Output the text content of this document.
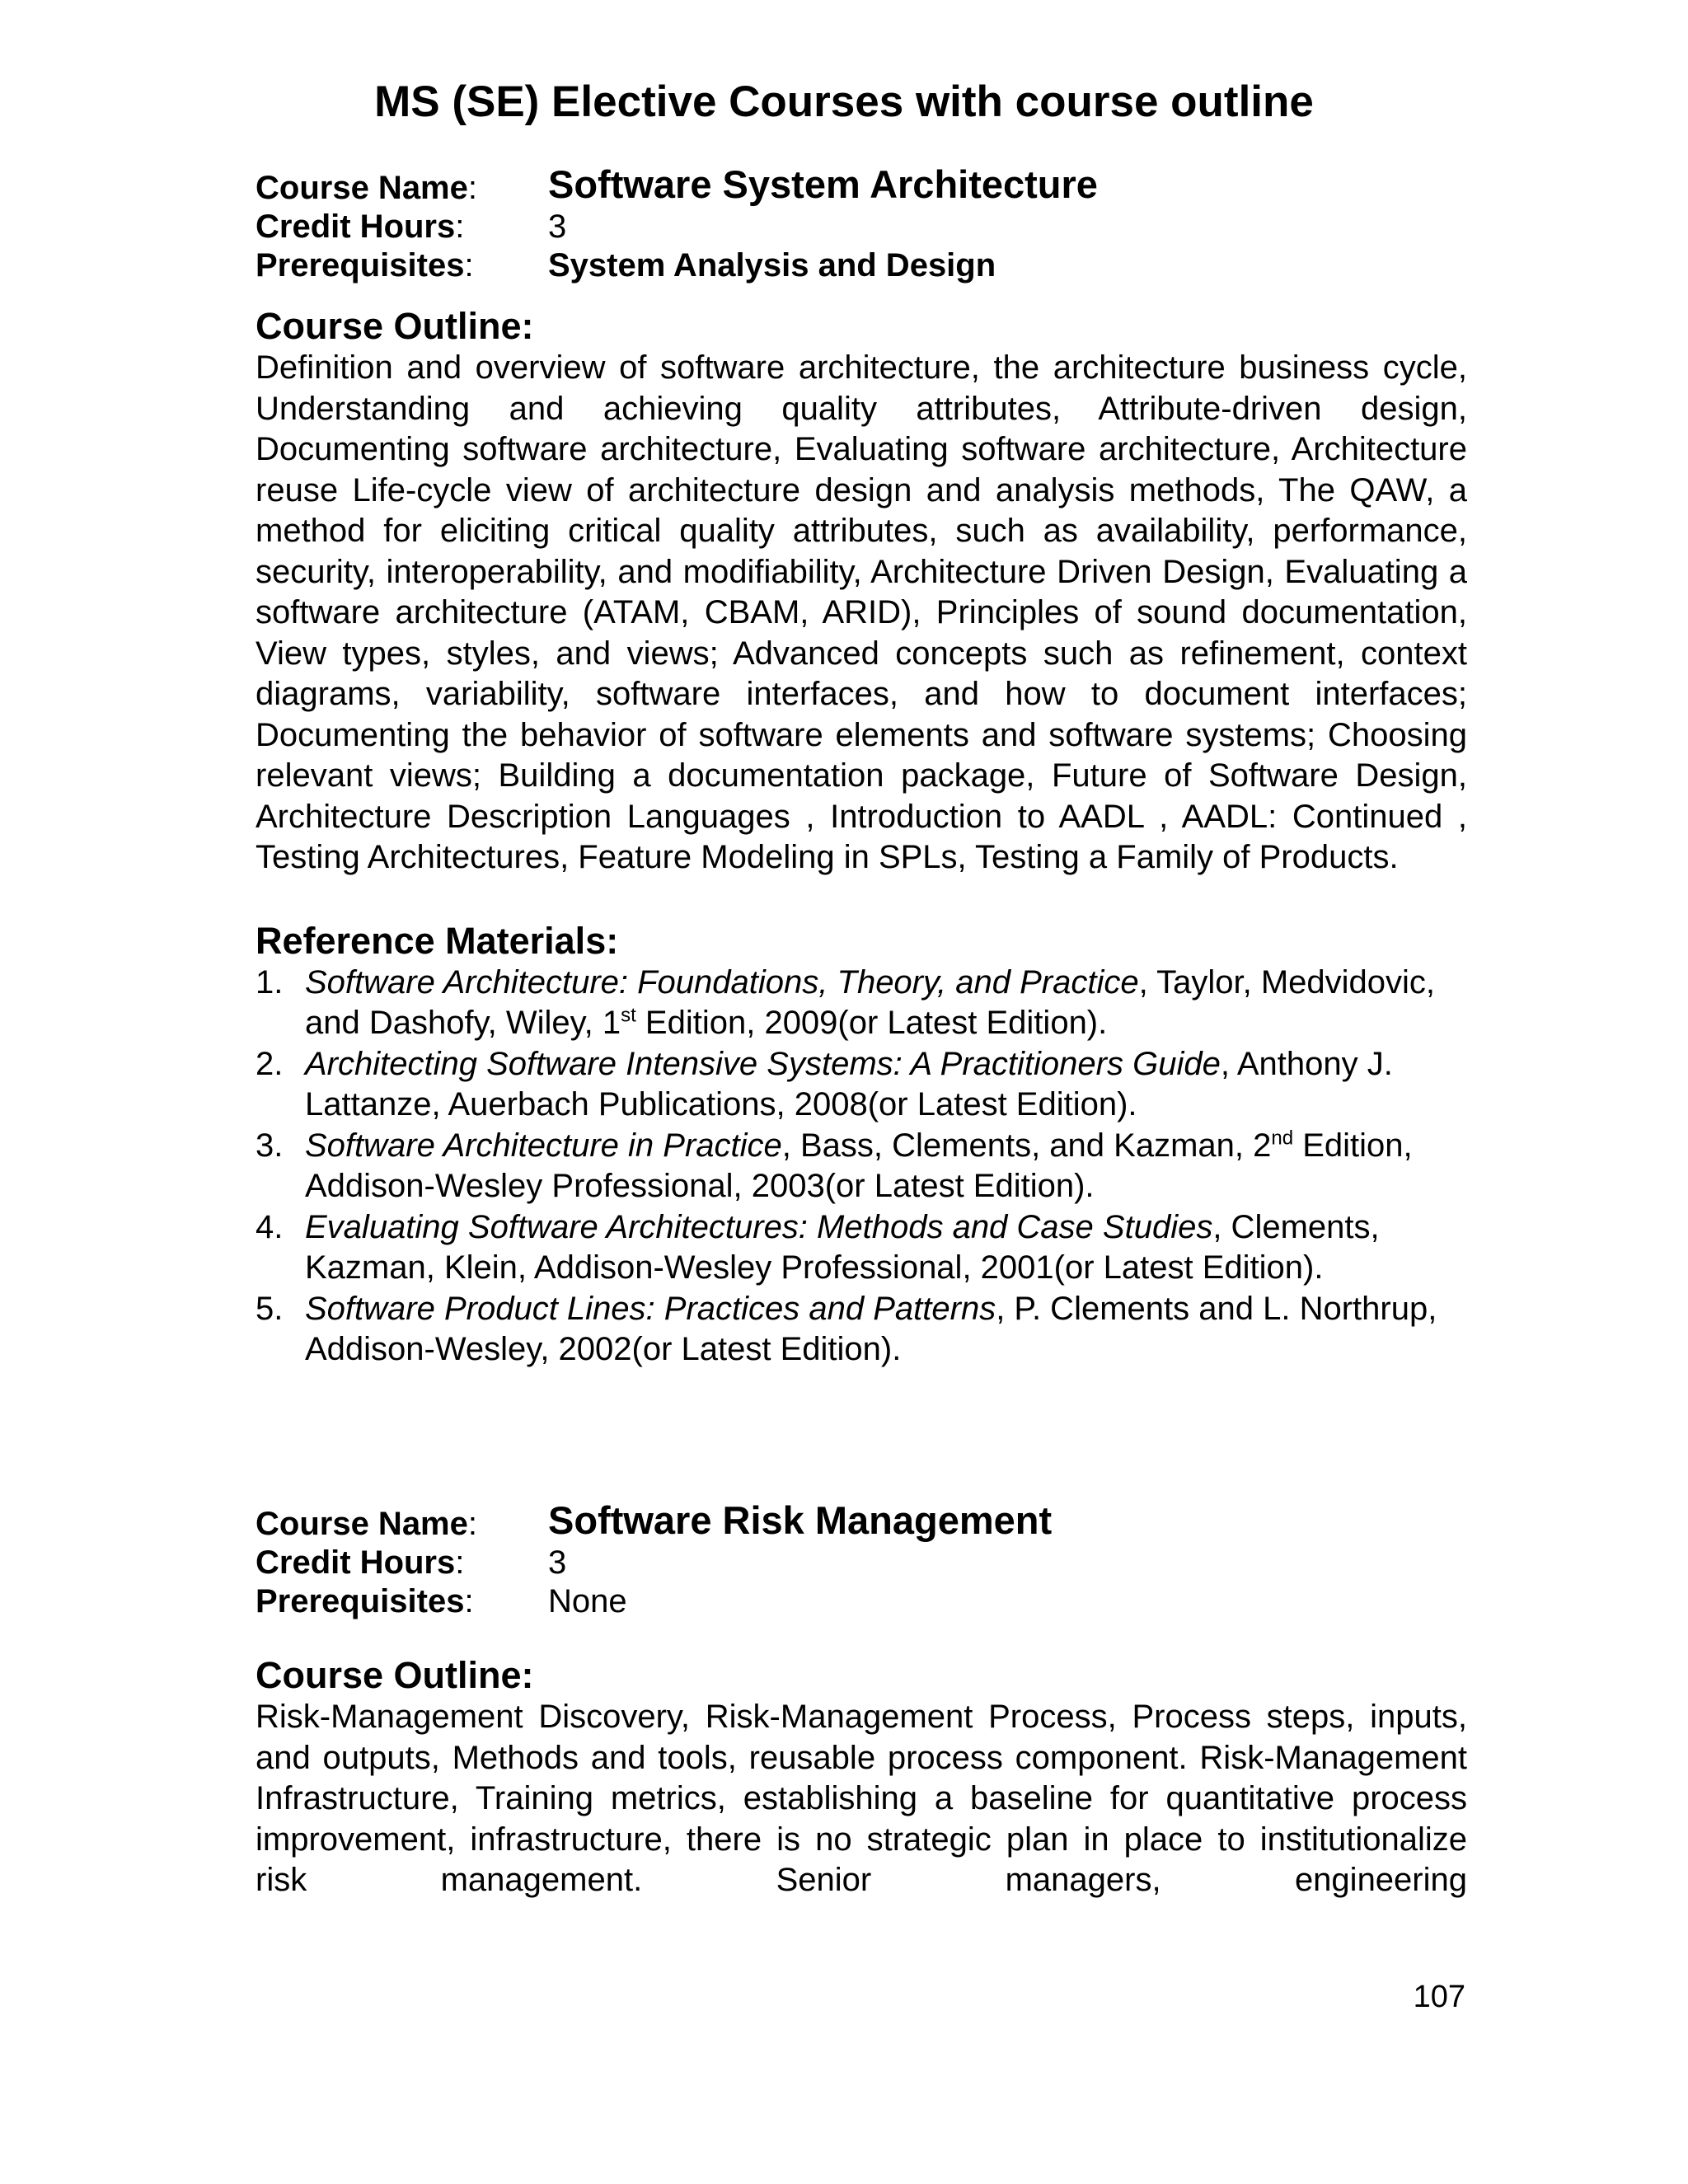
MS (SE) Elective Courses with course outline
Course Name: Software System Architecture
Credit Hours:	3
Prerequisites: System Analysis and Design
Course Outline:

Definition and overview of software architecture, the architecture business cycle, Understanding and achieving quality attributes, Attribute-driven design, Documenting software architecture, Evaluating software architecture, Architecture reuse Life-cycle view of architecture design and analysis methods, The QAW, a method for eliciting critical quality attributes, such as availability, performance, security, interoperability, and modifiability, Architecture Driven Design, Evaluating a software architecture (ATAM, CBAM, ARID), Principles of sound documentation, View types, styles, and views; Advanced concepts such as refinement, context diagrams, variability, software interfaces, and how to document interfaces; Documenting the behavior of software elements and software systems; Choosing relevant views; Building a documentation package, Future of Software Design, Architecture Description Languages , Introduction to AADL , AADL: Continued , Testing Architectures, Feature Modeling in SPLs, Testing a Family of Products.

Reference Materials:
1. Software Architecture: Foundations, Theory, and Practice, Taylor, Medvidovic, and Dashofy, Wiley, 1st Edition, 2009(or Latest Edition).
2. Architecting Software Intensive Systems: A Practitioners Guide, Anthony J. Lattanze, Auerbach Publications, 2008(or Latest Edition).
3. Software Architecture in Practice, Bass, Clements, and Kazman, 2nd Edition, Addison-Wesley Professional, 2003(or Latest Edition).
4. Evaluating Software Architectures: Methods and Case Studies, Clements, Kazman, Klein, Addison-Wesley Professional, 2001(or Latest Edition).
5. Software Product Lines: Practices and Patterns, P. Clements and L. Northrup, Addison-Wesley, 2002(or Latest Edition).
Course Name: Software Risk Management
Credit Hours:	3
Prerequisites: None
Course Outline:

Risk-Management Discovery, Risk-Management Process, Process steps, inputs, and outputs, Methods and tools, reusable process component. Risk-Management Infrastructure, Training metrics, establishing a baseline for quantitative process improvement, infrastructure, there is no strategic plan in place to institutionalize risk management. Senior managers, engineering

107
